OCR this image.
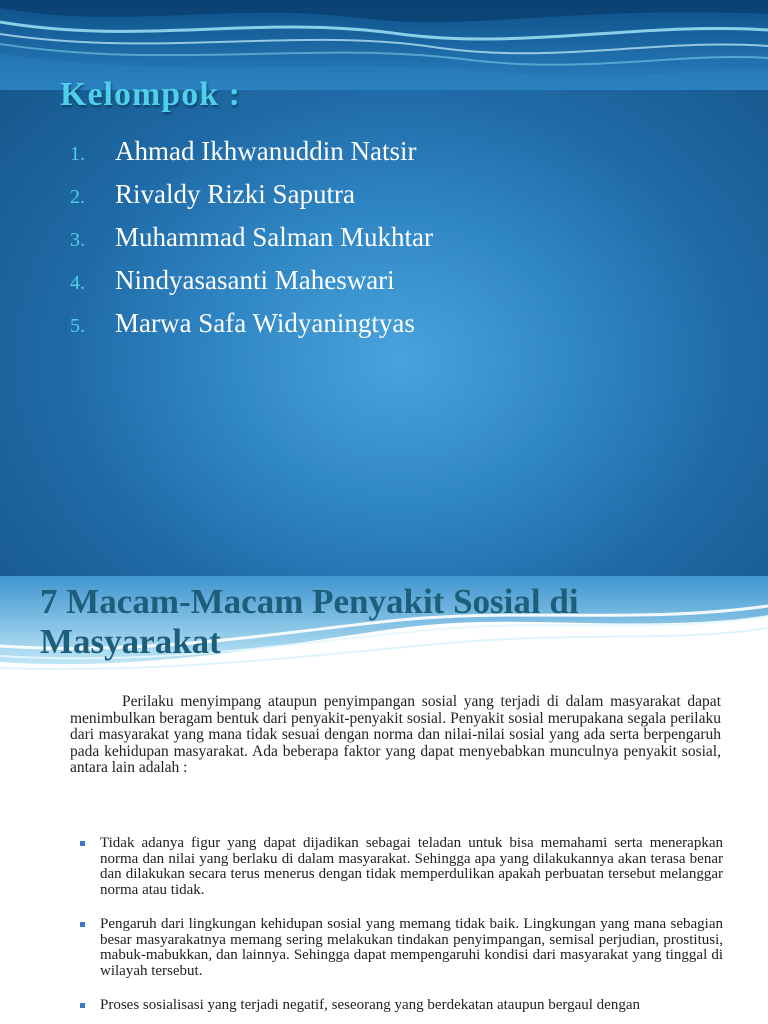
Kelompok :
1.	Ahmad Ikhwanuddin Natsir
2.	Rivaldy Rizki Saputra
3.	Muhammad Salman Mukhtar
4.	Nindyasasanti Maheswari
5.	Marwa Safa Widyaningtyas
7 Macam-Macam Penyakit Sosial di Masyarakat

Perilaku menyimpang ataupun penyimpangan sosial yang terjadi di dalam masyarakat dapat menimbulkan beragam bentuk dari penyakit-penyakit sosial. Penyakit sosial merupakana segala perilaku dari masyarakat yang mana tidak sesuai dengan norma dan nilai-nilai sosial yang ada serta berpengaruh pada kehidupan masyarakat. Ada beberapa faktor yang dapat menyebabkan munculnya penyakit sosial, antara lain adalah :

Tidak adanya figur yang dapat dijadikan sebagai teladan untuk bisa memahami serta menerapkan norma dan nilai yang berlaku di dalam masyarakat. Sehingga apa yang dilakukannya akan terasa benar dan dilakukan secara terus menerus dengan tidak memperdulikan apakah perbuatan tersebut melanggar norma atau tidak.
Pengaruh dari lingkungan kehidupan sosial yang memang tidak baik. Lingkungan yang mana sebagian besar masyarakatnya memang sering melakukan tindakan penyimpangan, semisal perjudian, prostitusi, mabuk-mabukkan, dan lainnya. Sehingga dapat mempengaruhi kondisi dari masyarakat yang tinggal di wilayah tersebut.
Proses sosialisasi yang terjadi negatif, seseorang yang berdekatan ataupun bergaul dengan
